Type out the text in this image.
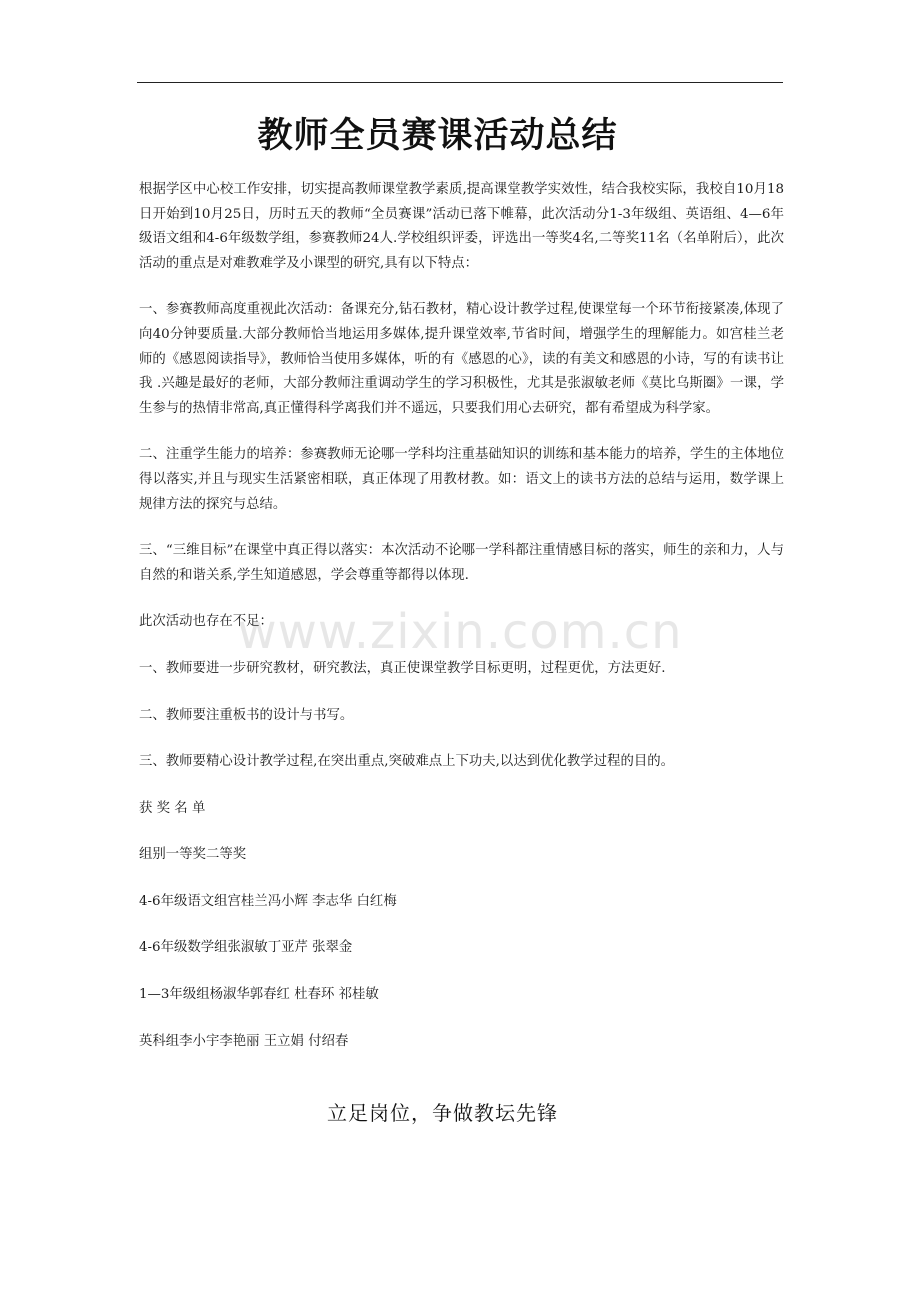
教师全员赛课活动总结

根据学区中心校工作安排，切实提高教师课堂教学素质,提高课堂教学实效性，结合我校实际，我校自10月18日开始到10月25日，历时五天的教师“全员赛课”活动已落下帷幕，此次活动分1-3年级组、英语组、4—6年级语文组和4-6年级数学组，参赛教师24人.学校组织评委，评选出一等奖4名,二等奖11名（名单附后），此次活动的重点是对难教难学及小课型的研究,具有以下特点：

一、参赛教师高度重视此次活动：备课充分,钻石教材，精心设计教学过程,使课堂每一个环节衔接紧凑,体现了向40分钟要质量.大部分教师恰当地运用多媒体,提升课堂效率,节省时间，增强学生的理解能力。如宫桂兰老师的《感恩阅读指导》，教师恰当使用多媒体，听的有《感恩的心》，读的有美文和感恩的小诗，写的有读书让我 .兴趣是最好的老师，大部分教师注重调动学生的学习积极性，尤其是张淑敏老师《莫比乌斯圈》一课，学生参与的热情非常高,真正懂得科学离我们并不遥远，只要我们用心去研究，都有希望成为科学家。

二、注重学生能力的培养：参赛教师无论哪一学科均注重基础知识的训练和基本能力的培养，学生的主体地位得以落实,并且与现实生活紧密相联，真正体现了用教材教。如：语文上的读书方法的总结与运用，数学课上规律方法的探究与总结。

三、“三维目标”在课堂中真正得以落实：本次活动不论哪一学科都注重情感目标的落实，师生的亲和力，人与自然的和谐关系,学生知道感恩，学会尊重等都得以体现.

此次活动也存在不足：

一、教师要进一步研究教材，研究教法，真正使课堂教学目标更明，过程更优，方法更好.

二、教师要注重板书的设计与书写。

三、教师要精心设计教学过程,在突出重点,突破难点上下功夫,以达到优化教学过程的目的。

获 奖 名 单

组别一等奖二等奖

4-6年级语文组宫桂兰冯小辉 李志华 白红梅

4-6年级数学组张淑敏丁亚芹 张翠金

1—3年级组杨淑华郭春红 杜春环 祁桂敏

英科组李小宇李艳丽 王立娟 付绍春

www.zixin.com.cn
立足岗位，争做教坛先锋
